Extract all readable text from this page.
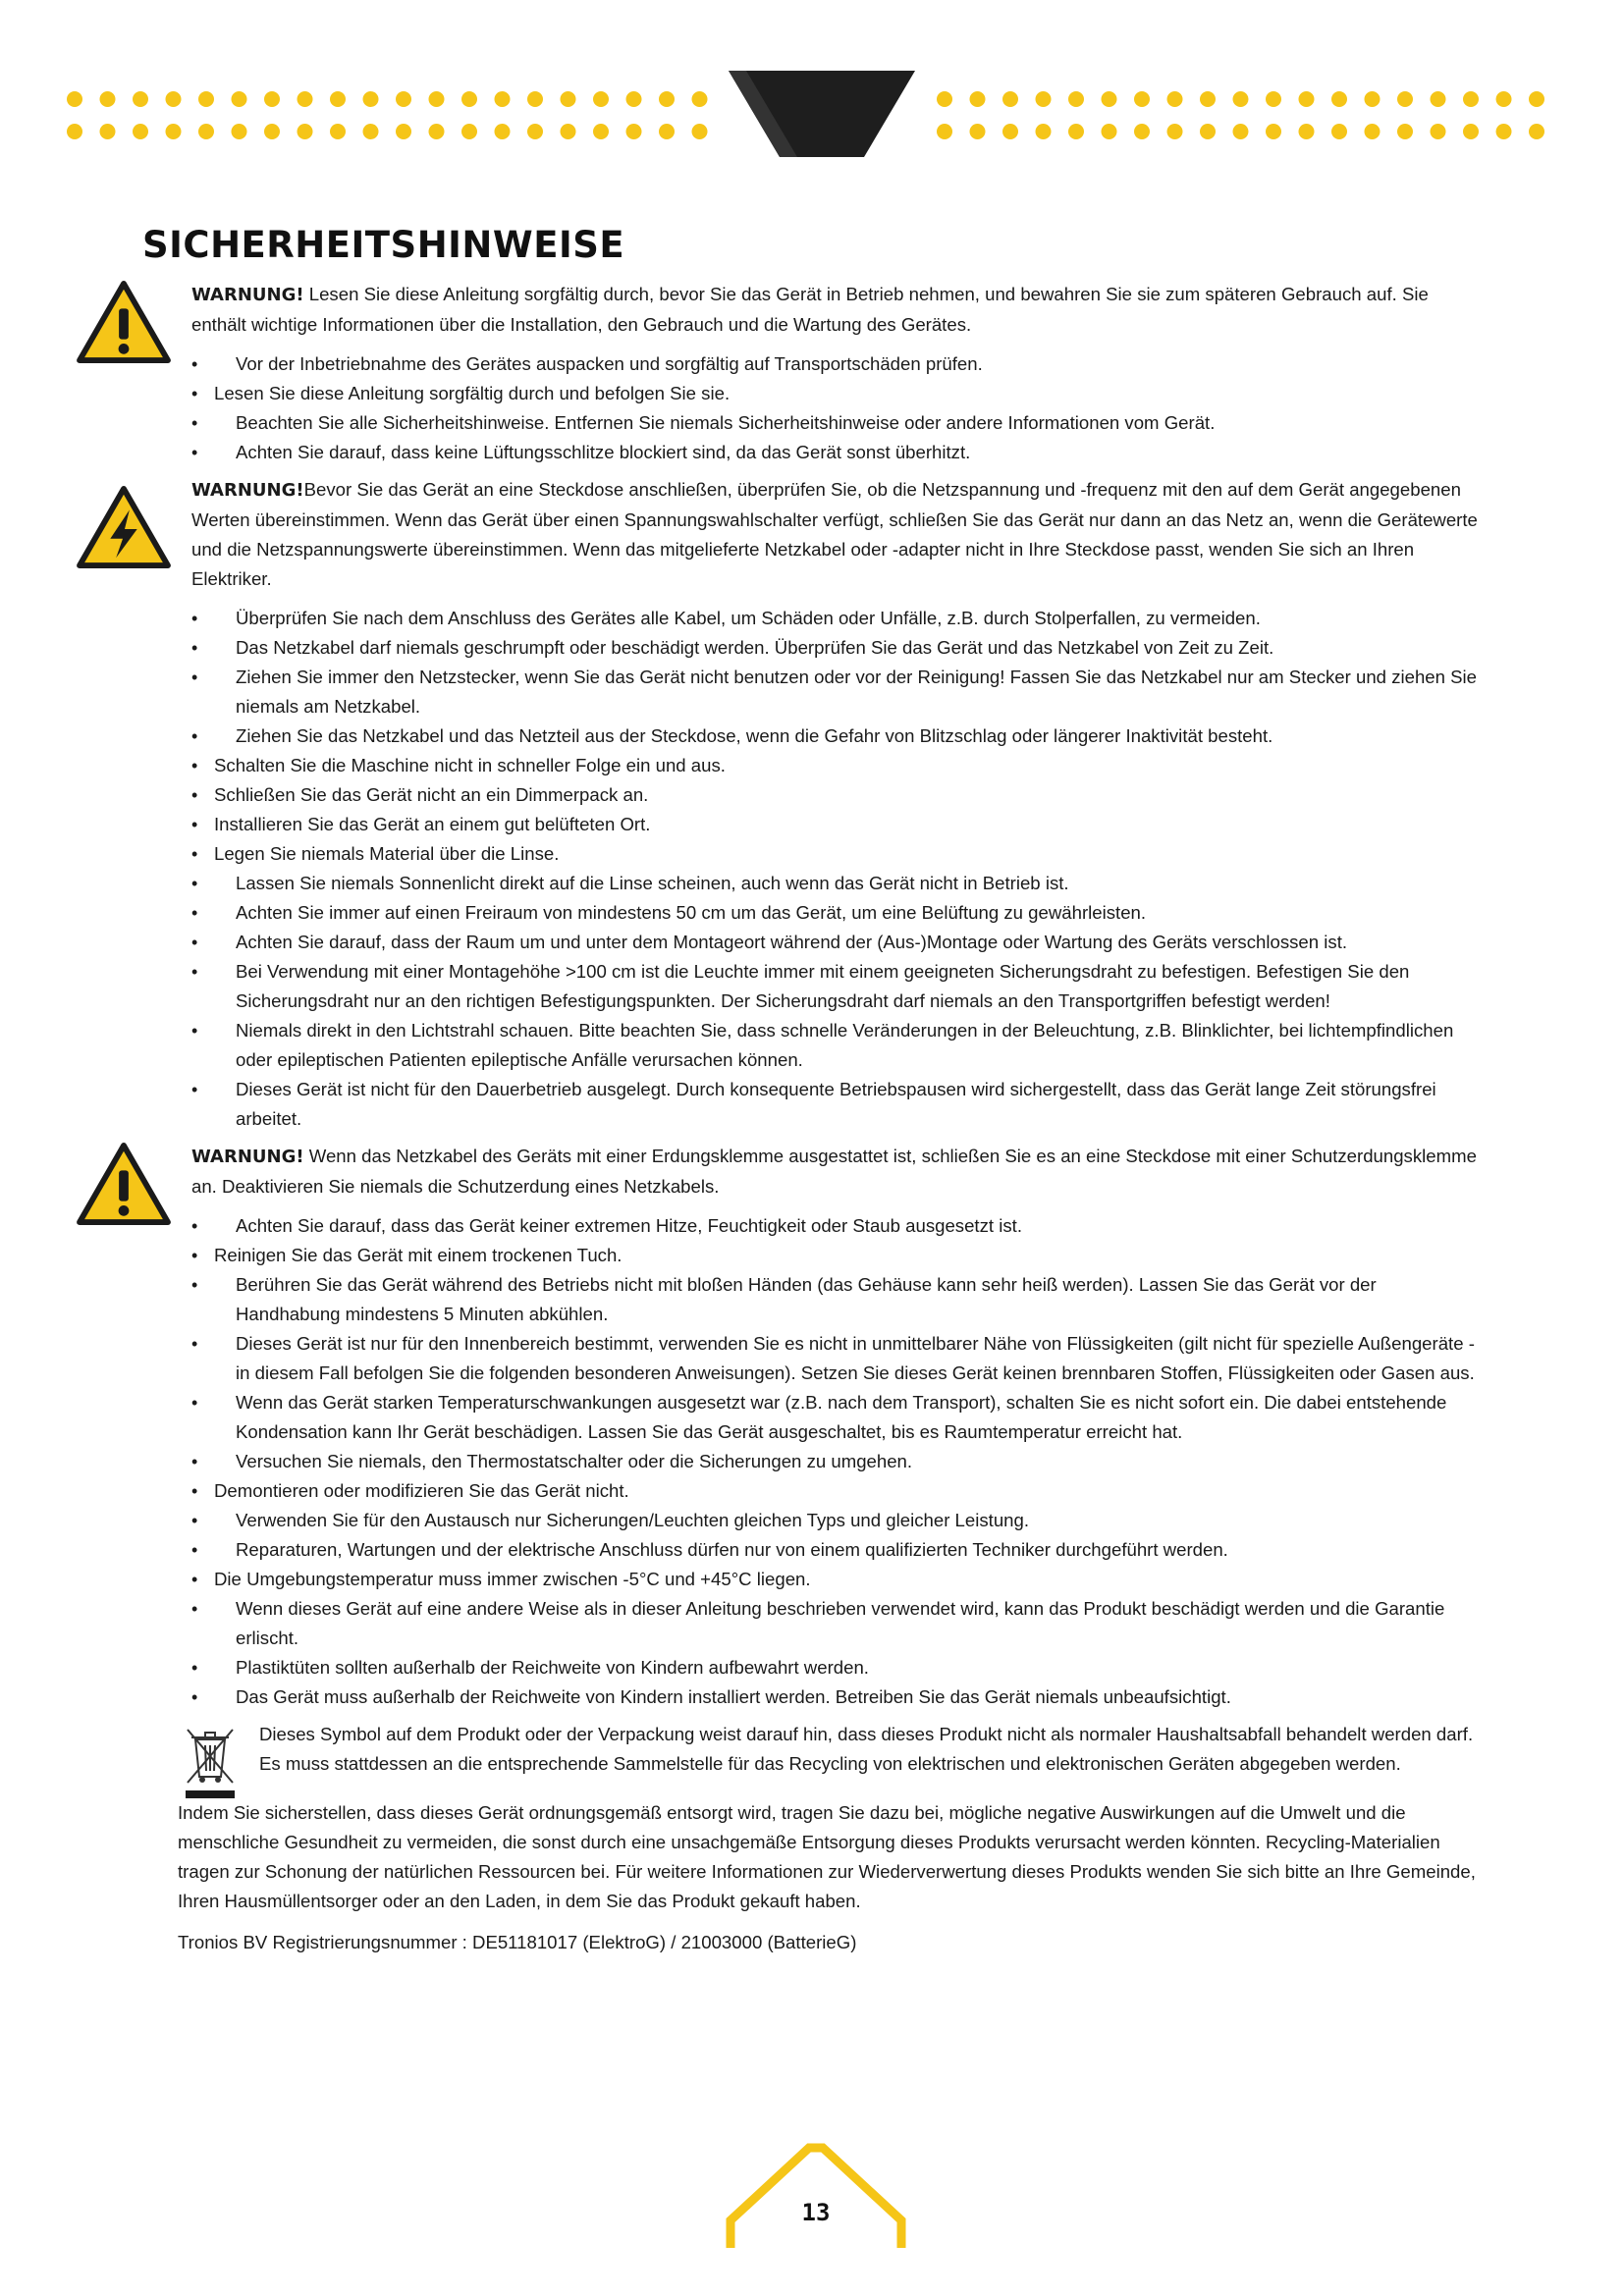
SICHERHEITSHINWEISE

WARNUNG! Lesen Sie diese Anleitung sorgfältig durch, bevor Sie das Gerät in Betrieb nehmen, und bewahren Sie sie zum späteren Gebrauch auf. Sie enthält wichtige Informationen über die Installation, den Gebrauch und die Wartung des Gerätes.

• Vor der Inbetriebnahme des Gerätes auspacken und sorgfältig auf Transportschäden prüfen.
• Lesen Sie diese Anleitung sorgfältig durch und befolgen Sie sie.
• Beachten Sie alle Sicherheitshinweise. Entfernen Sie niemals Sicherheitshinweise oder andere Informationen vom Gerät.
• Achten Sie darauf, dass keine Lüftungsschlitze blockiert sind, da das Gerät sonst überhitzt.

WARNUNG!Bevor Sie das Gerät an eine Steckdose anschließen, überprüfen Sie, ob die Netzspannung und -frequenz mit den auf dem Gerät angegebenen Werten übereinstimmen. Wenn das Gerät über einen Spannungswahlschalter verfügt, schließen Sie das Gerät nur dann an das Netz an, wenn die Gerätewerte und die Netzspannungswerte übereinstimmen. Wenn das mitgelieferte Netzkabel oder -adapter nicht in Ihre Steckdose passt, wenden Sie sich an Ihren Elektriker.

• Überprüfen Sie nach dem Anschluss des Gerätes alle Kabel, um Schäden oder Unfälle, z.B. durch Stolperfallen, zu vermeiden.
• Das Netzkabel darf niemals geschrumpft oder beschädigt werden. Überprüfen Sie das Gerät und das Netzkabel von Zeit zu Zeit.
• Ziehen Sie immer den Netzstecker, wenn Sie das Gerät nicht benutzen oder vor der Reinigung! Fassen Sie das Netzkabel nur am Stecker und ziehen Sie niemals am Netzkabel.
• Ziehen Sie das Netzkabel und das Netzteil aus der Steckdose, wenn die Gefahr von Blitzschlag oder längerer Inaktivität besteht.
• Schalten Sie die Maschine nicht in schneller Folge ein und aus.
• Schließen Sie das Gerät nicht an ein Dimmerpack an.
• Installieren Sie das Gerät an einem gut belüfteten Ort.
• Legen Sie niemals Material über die Linse.
• Lassen Sie niemals Sonnenlicht direkt auf die Linse scheinen, auch wenn das Gerät nicht in Betrieb ist.
• Achten Sie immer auf einen Freiraum von mindestens 50 cm um das Gerät, um eine Belüftung zu gewährleisten.
• Achten Sie darauf, dass der Raum um und unter dem Montageort während der (Aus-)Montage oder Wartung des Geräts verschlossen ist.
• Bei Verwendung mit einer Montagehöhe >100 cm ist die Leuchte immer mit einem geeigneten Sicherungsdraht zu befestigen. Befestigen Sie den Sicherungsdraht nur an den richtigen Befestigungspunkten. Der Sicherungsdraht darf niemals an den Transportgriffen befestigt werden!
• Niemals direkt in den Lichtstrahl schauen. Bitte beachten Sie, dass schnelle Veränderungen in der Beleuchtung, z.B. Blinklichter, bei lichtempfindlichen oder epileptischen Patienten epileptische Anfälle verursachen können.
• Dieses Gerät ist nicht für den Dauerbetrieb ausgelegt. Durch konsequente Betriebspausen wird sichergestellt, dass das Gerät lange Zeit störungsfrei arbeitet.

WARNUNG! Wenn das Netzkabel des Geräts mit einer Erdungsklemme ausgestattet ist, schließen Sie es an eine Steckdose mit einer Schutzerdungsklemme an. Deaktivieren Sie niemals die Schutzerdung eines Netzkabels.

• Achten Sie darauf, dass das Gerät keiner extremen Hitze, Feuchtigkeit oder Staub ausgesetzt ist.
• Reinigen Sie das Gerät mit einem trockenen Tuch.
• Berühren Sie das Gerät während des Betriebs nicht mit bloßen Händen (das Gehäuse kann sehr heiß werden). Lassen Sie das Gerät vor der Handhabung mindestens 5 Minuten abkühlen.
• Dieses Gerät ist nur für den Innenbereich bestimmt, verwenden Sie es nicht in unmittelbarer Nähe von Flüssigkeiten (gilt nicht für spezielle Außengeräte - in diesem Fall befolgen Sie die folgenden besonderen Anweisungen). Setzen Sie dieses Gerät keinen brennbaren Stoffen, Flüssigkeiten oder Gasen aus.
• Wenn das Gerät starken Temperaturschwankungen ausgesetzt war (z.B. nach dem Transport), schalten Sie es nicht sofort ein. Die dabei entstehende Kondensation kann Ihr Gerät beschädigen. Lassen Sie das Gerät ausgeschaltet, bis es Raumtemperatur erreicht hat.
• Versuchen Sie niemals, den Thermostatschalter oder die Sicherungen zu umgehen.
• Demontieren oder modifizieren Sie das Gerät nicht.
• Verwenden Sie für den Austausch nur Sicherungen/Leuchten gleichen Typs und gleicher Leistung.
• Reparaturen, Wartungen und der elektrische Anschluss dürfen nur von einem qualifizierten Techniker durchgeführt werden.
• Die Umgebungstemperatur muss immer zwischen -5°C und +45°C liegen.
• Wenn dieses Gerät auf eine andere Weise als in dieser Anleitung beschrieben verwendet wird, kann das Produkt beschädigt werden und die Garantie erlischt.
• Plastiktüten sollten außerhalb der Reichweite von Kindern aufbewahrt werden.
• Das Gerät muss außerhalb der Reichweite von Kindern installiert werden. Betreiben Sie das Gerät niemals unbeaufsichtigt.

Dieses Symbol auf dem Produkt oder der Verpackung weist darauf hin, dass dieses Produkt nicht als normaler Haushaltsabfall behandelt werden darf. Es muss stattdessen an die entsprechende Sammelstelle für das Recycling von elektrischen und elektronischen Geräten abgegeben werden.

Indem Sie sicherstellen, dass dieses Gerät ordnungsgemäß entsorgt wird, tragen Sie dazu bei, mögliche negative Auswirkungen auf die Umwelt und die menschliche Gesundheit zu vermeiden, die sonst durch eine unsachgemäße Entsorgung dieses Produkts verursacht werden könnten. Recycling-Materialien tragen zur Schonung der natürlichen Ressourcen bei. Für weitere Informationen zur Wiederverwertung dieses Produkts wenden Sie sich bitte an Ihre Gemeinde, Ihren Hausmüllentsorger oder an den Laden, in dem Sie das Produkt gekauft haben.

Tronios BV Registrierungsnummer : DE51181017 (ElektroG) / 21003000 (BatterieG)

13
